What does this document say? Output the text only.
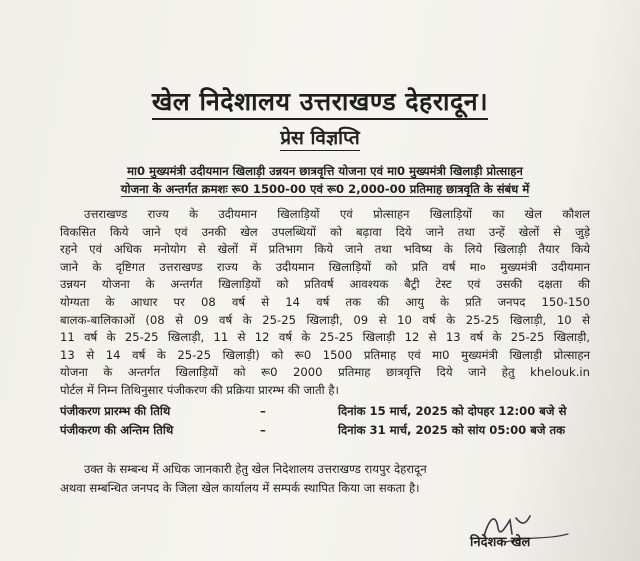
खेल निदेशालय उत्तराखण्ड देहरादून।
प्रेस विज्ञप्ति
मा0 मुख्यमंत्री उदीयमान खिलाड़ी उन्नयन छात्रवृत्ति योजना एवं मा0 मुख्यमंत्री खिलाड़ी प्रोत्साहन
योजना के अन्तर्गत क्रमशः रू0 1500-00 एवं रू0 2,000-00 प्रतिमाह छात्रवृति के संबंध में
उत्तराखण्ड राज्य के उदीयमान खिलाड़ियों एवं प्रोत्साहन खिलाड़ियों का खेल कौशल
विकसित किये जाने एवं उनकी खेल उपलब्धियों को बढ़ावा दिये जाने तथा उन्हें खेलों से जुड़े
रहने एवं अधिक मनोयोग से खेलों में प्रतिभाग किये जाने तथा भविष्य के लिये खिलाड़ी तैयार किये
जाने के दृष्टिगत उत्तराखण्ड राज्य के उदीयमान खिलाड़ियों को प्रति वर्ष मा० मुख्यमंत्री उदीयमान
उन्नयन योजना के अन्तर्गत खिलाड़ियों को प्रतिवर्ष आवश्यक बैट्री टेस्ट एवं उसकी दक्षता की
योग्यता के आधार पर 08 वर्ष से 14 वर्ष तक की आयु के प्रति जनपद 150-150
बालक-बालिकाओं (08 से 09 वर्ष के 25-25 खिलाड़ी, 09 से 10 वर्ष के 25-25 खिलाड़ी, 10 से
11 वर्ष के 25-25 खिलाड़ी, 11 से 12 वर्ष के 25-25 खिलाड़ी 12 से 13 वर्ष के 25-25 खिलाड़ी,
13 से 14 वर्ष के 25-25 खिलाड़ी) को रू0 1500 प्रतिमाह एवं मा0 मुख्यमंत्री खिलाड़ी प्रोत्साहन
योजना के अन्तर्गत खिलाड़ियों को रू0 2000 प्रतिमाह छात्रवृत्ति दिये जाने हेतु khelouk.in
पोर्टल में निम्न तिथिनुसार पंजीकरण की प्रक्रिया प्रारम्भ की जाती है।
पंजीकरण प्रारम्भ की तिथि	–	दिनांक 15 मार्च, 2025 को दोपहर 12:00 बजे से
पंजीकरण की अन्तिम तिथि	–	दिनांक 31 मार्च, 2025 को सांय 05:00 बजे तक
उक्त के सम्बन्ध में अधिक जानकारी हेतु खेल निदेशालय उत्तराखण्ड रायपुर देहरादून
अथवा सम्बन्धित जनपद के जिला खेल कार्यालय में सम्पर्क स्थापित किया जा सकता है।
निदेशक खेल
